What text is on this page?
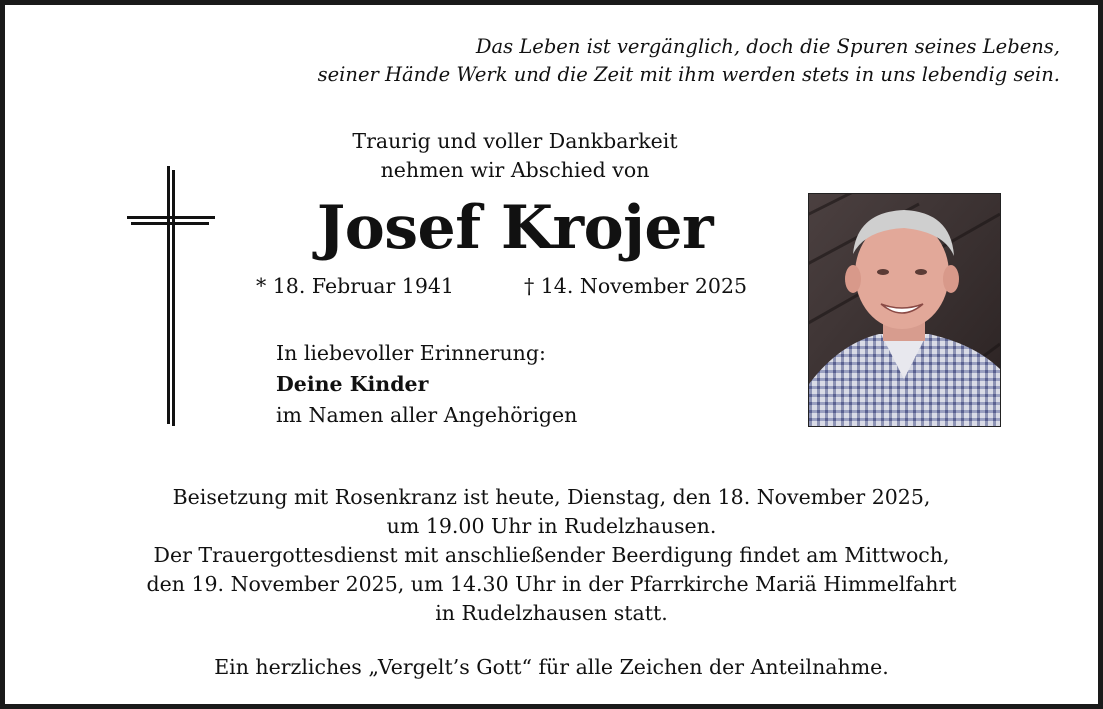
Das Leben ist vergänglich, doch die Spuren seines Lebens,
seiner Hände Werk und die Zeit mit ihm werden stets in uns lebendig sein.
Traurig und voller Dankbarkeit
nehmen wir Abschied von
Josef Krojer
* 18. Februar 1941	† 14. November 2025
In liebevoller Erinnerung:
Deine Kinder
im Namen aller Angehörigen
Beisetzung mit Rosenkranz ist heute, Dienstag, den 18. November 2025,
um 19.00 Uhr in Rudelzhausen.
Der Trauergottesdienst mit anschließender Beerdigung findet am Mittwoch,
den 19. November 2025, um 14.30 Uhr in der Pfarrkirche Mariä Himmelfahrt
in Rudelzhausen statt.
Ein herzliches „Vergelt’s Gott“ für alle Zeichen der Anteilnahme.
